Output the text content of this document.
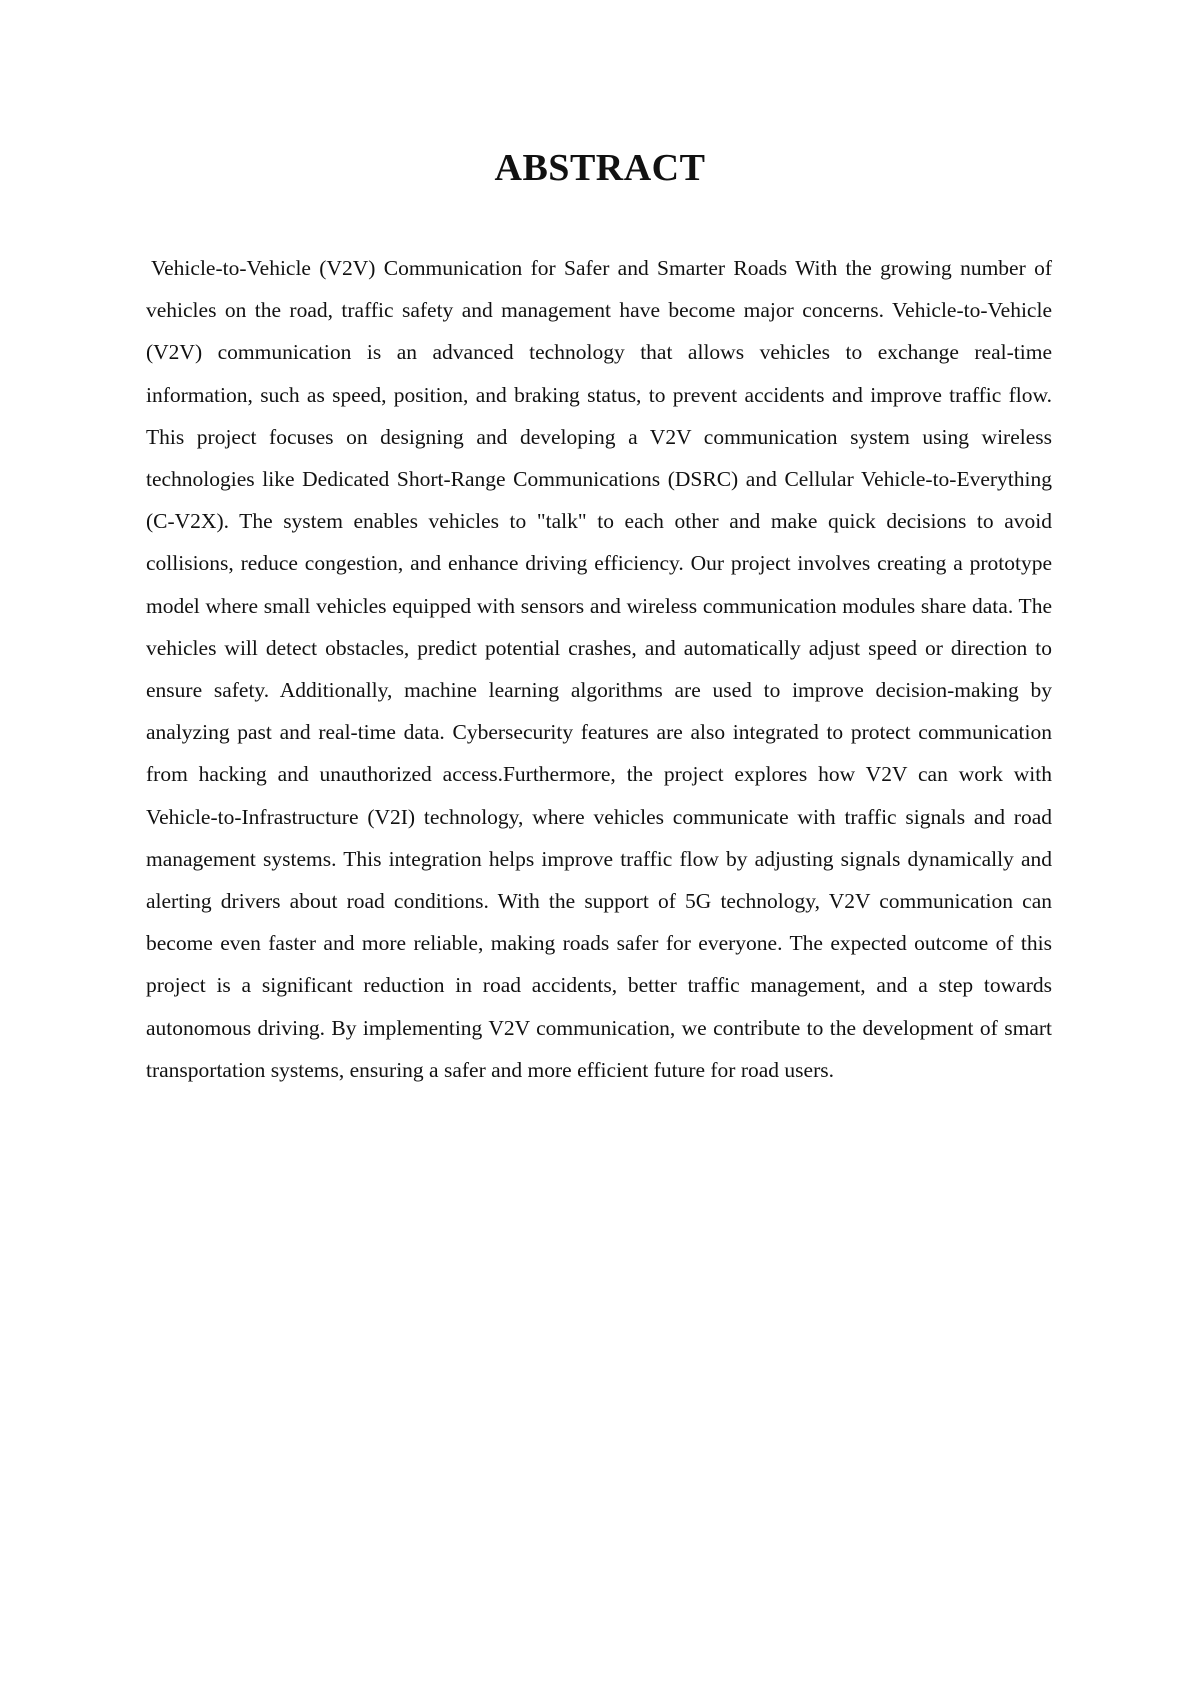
ABSTRACT

Vehicle-to-Vehicle (V2V) Communication for Safer and Smarter Roads With the growing number of vehicles on the road, traffic safety and management have become major concerns. Vehicle-to-Vehicle (V2V) communication is an advanced technology that allows vehicles to exchange real-time information, such as speed, position, and braking status, to prevent accidents and improve traffic flow. This project focuses on designing and developing a V2V communication system using wireless technologies like Dedicated Short-Range Communications (DSRC) and Cellular Vehicle-to-Everything (C-V2X). The system enables vehicles to "talk" to each other and make quick decisions to avoid collisions, reduce congestion, and enhance driving efficiency. Our project involves creating a prototype model where small vehicles equipped with sensors and wireless communication modules share data. The vehicles will detect obstacles, predict potential crashes, and automatically adjust speed or direction to ensure safety. Additionally, machine learning algorithms are used to improve decision-making by analyzing past and real-time data. Cybersecurity features are also integrated to protect communication from hacking and unauthorized access.Furthermore, the project explores how V2V can work with Vehicle-to-Infrastructure (V2I) technology, where vehicles communicate with traffic signals and road management systems. This integration helps improve traffic flow by adjusting signals dynamically and alerting drivers about road conditions. With the support of 5G technology, V2V communication can become even faster and more reliable, making roads safer for everyone. The expected outcome of this project is a significant reduction in road accidents, better traffic management, and a step towards autonomous driving. By implementing V2V communication, we contribute to the development of smart transportation systems, ensuring a safer and more efficient future for road users.
